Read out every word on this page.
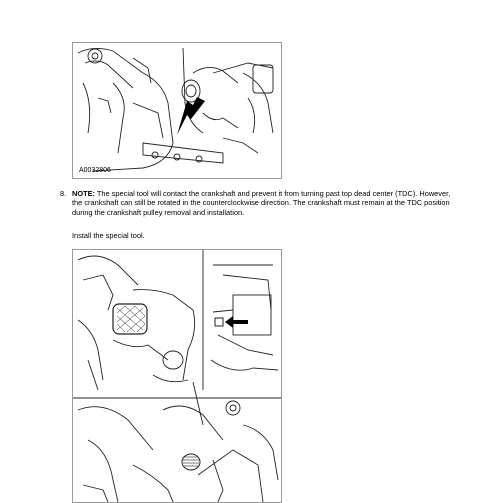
A0032806
8. NOTE: The special tool will contact the crankshaft and prevent it from turning past top dead center (TDC). However, the crankshaft can still be rotated in the counterclockwise direction. The crankshaft must remain at the TDC position during the crankshaft pulley removal and installation.
Install the special tool.
